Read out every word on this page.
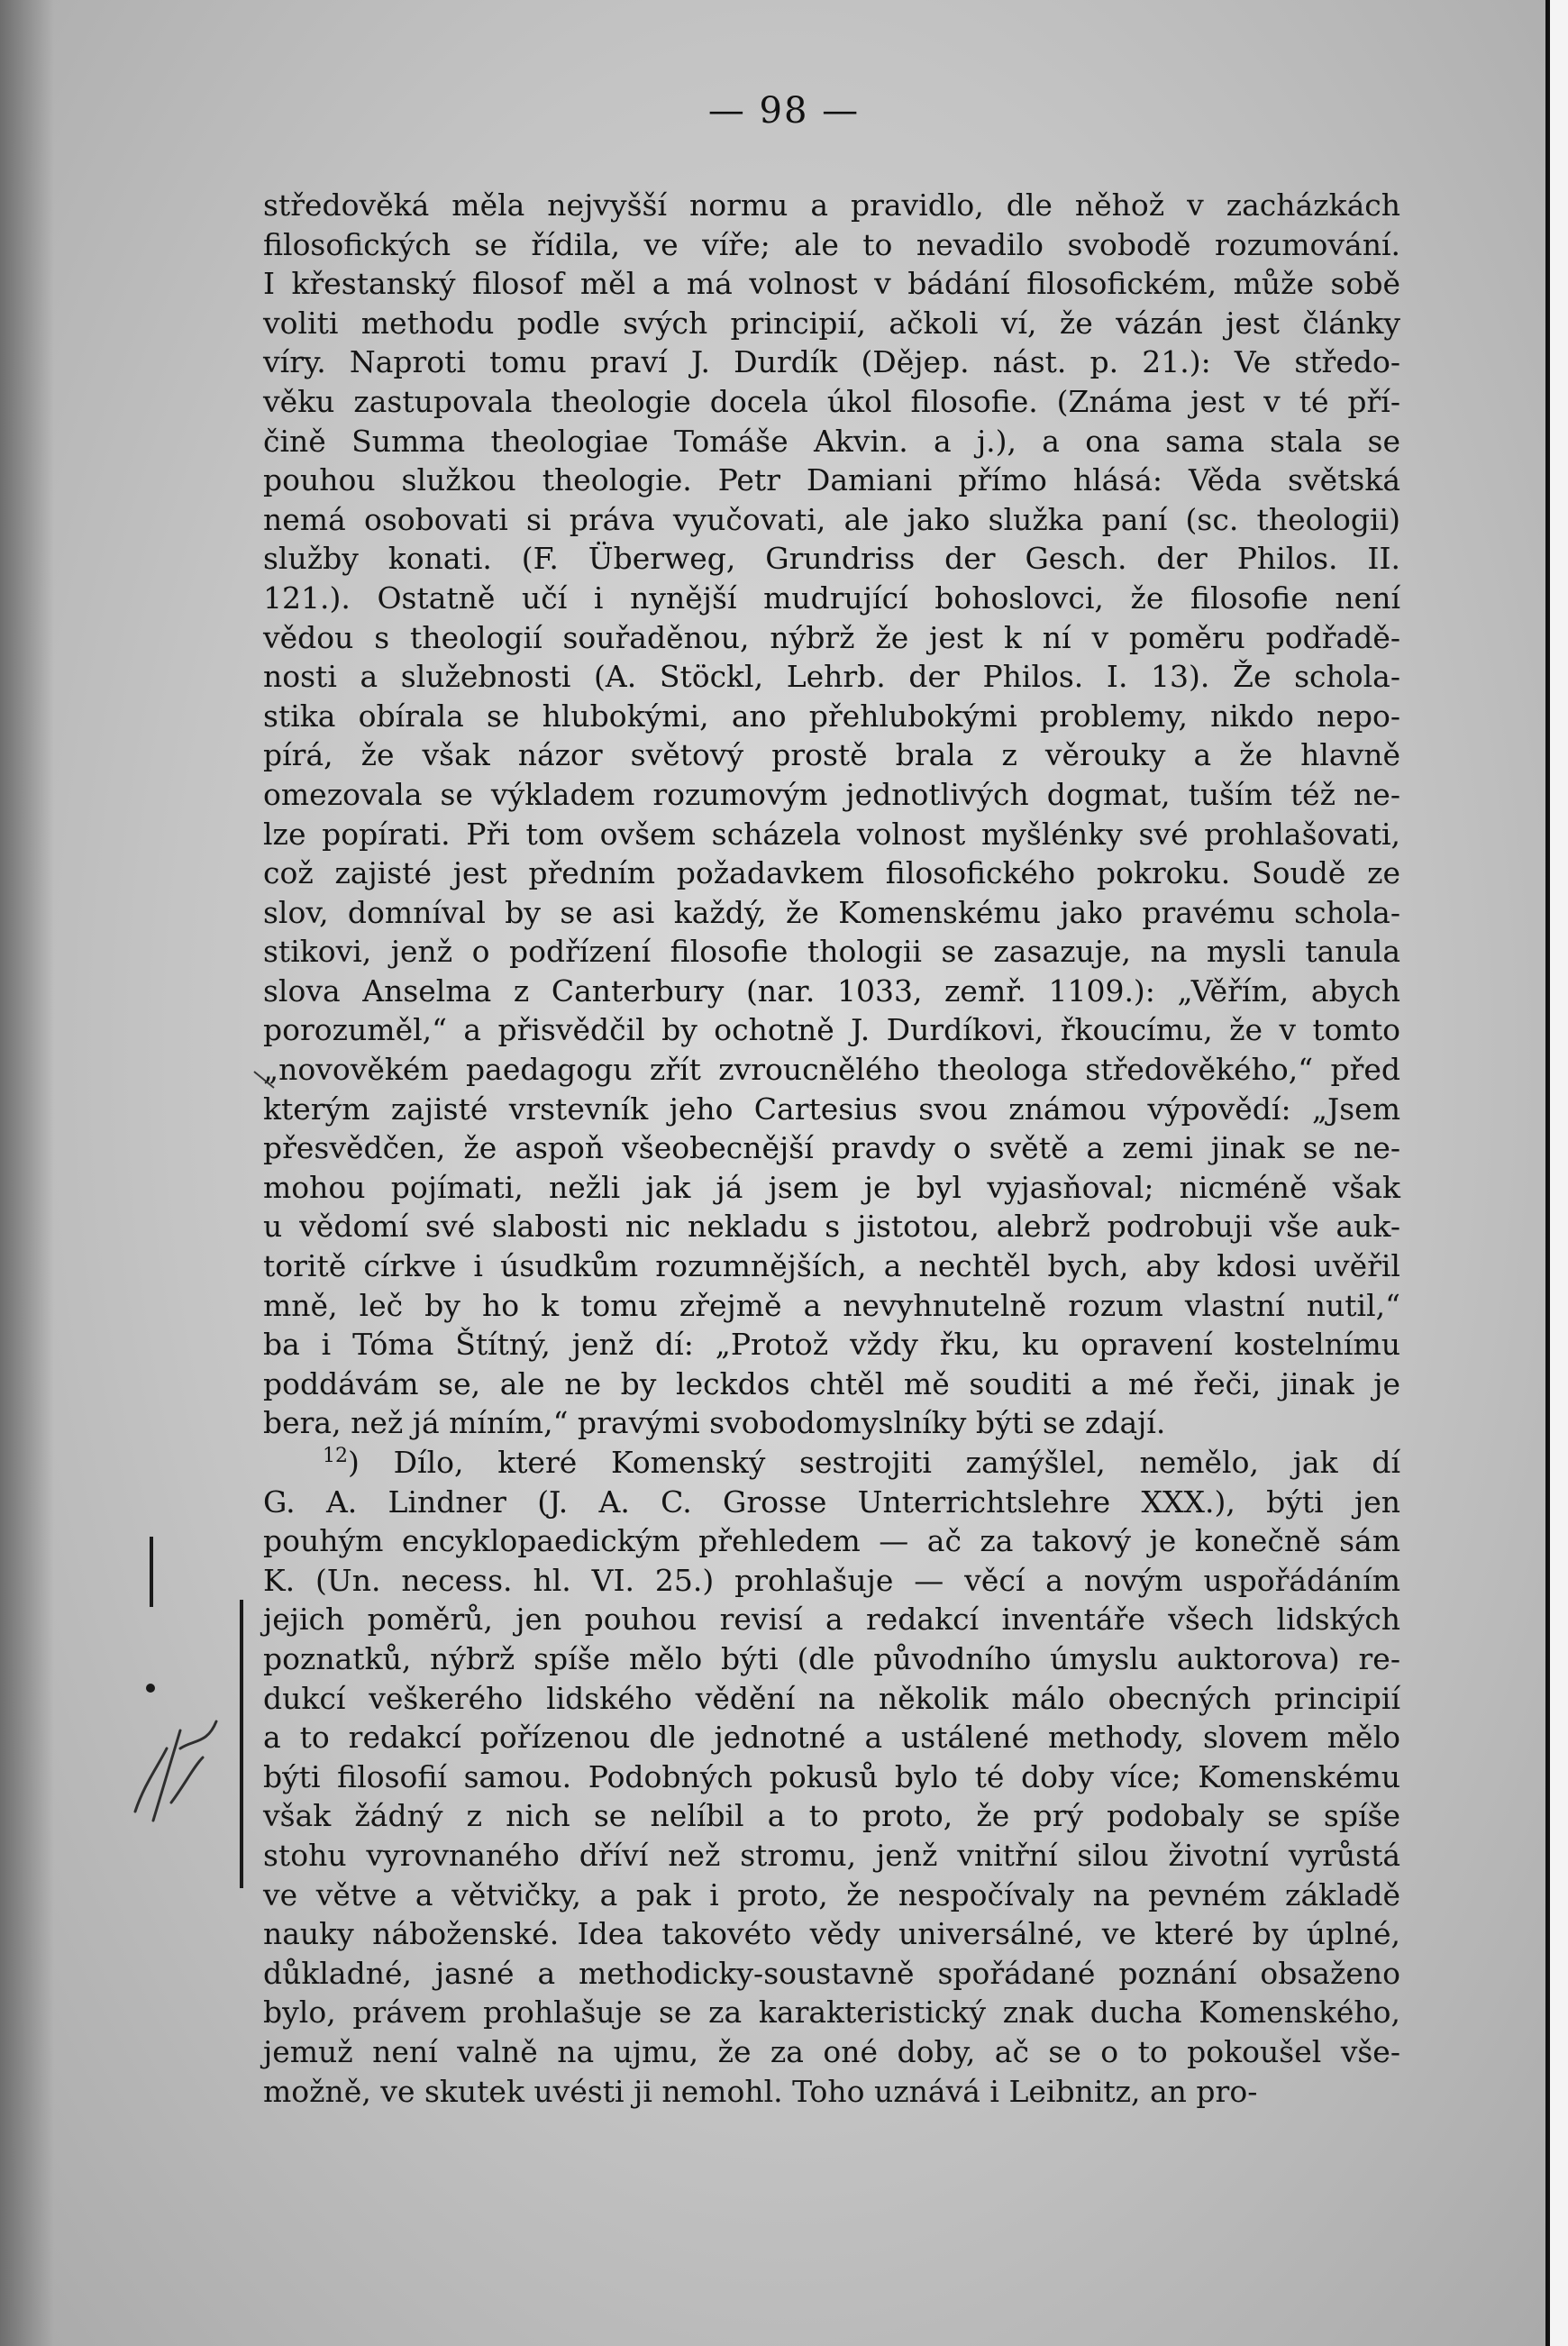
— 98 —
středověká měla nejvyšší normu a pravidlo, dle něhož v zacházkách
filosofických se řídila, ve víře; ale to nevadilo svobodě rozumování.
I křestanský filosof měl a má volnost v bádání filosofickém, může sobě
voliti methodu podle svých principií, ačkoli ví, že vázán jest články
víry. Naproti tomu praví J. Durdík (Dějep. nást. p. 21.): Ve středo-
věku zastupovala theologie docela úkol filosofie. (Známa jest v té pří-
čině Summa theologiae Tomáše Akvin. a j.), a ona sama stala se
pouhou služkou theologie. Petr Damiani přímo hlásá: Věda světská
nemá osobovati si práva vyučovati, ale jako služka paní (sc. theologii)
služby konati. (F. Überweg, Grundriss der Gesch. der Philos. II.
121.). Ostatně učí i nynější mudrující bohoslovci, že filosofie není
vědou s theologií souřaděnou, nýbrž že jest k ní v poměru podřadě-
nosti a služebnosti (A. Stöckl, Lehrb. der Philos. I. 13). Že schola-
stika obírala se hlubokými, ano přehlubokými problemy, nikdo nepo-
pírá, že však názor světový prostě brala z věrouky a že hlavně
omezovala se výkladem rozumovým jednotlivých dogmat, tuším též ne-
lze popírati. Při tom ovšem scházela volnost myšlénky své prohlašovati,
což zajisté jest předním požadavkem filosofického pokroku. Soudě ze
slov, domníval by se asi každý, že Komenskému jako pravému schola-
stikovi, jenž o podřízení filosofie thologii se zasazuje, na mysli tanula
slova Anselma z Canterbury (nar. 1033, zemř. 1109.): „Věřím, abych
porozuměl,“ a přisvědčil by ochotně J. Durdíkovi, řkoucímu, že v tomto
„novověkém paedagogu zřít zvroucnělého theologa středověkého,“ před
kterým zajisté vrstevník jeho Cartesius svou známou výpovědí: „Jsem
přesvědčen, že aspoň všeobecnější pravdy o světě a zemi jinak se ne-
mohou pojímati, nežli jak já jsem je byl vyjasňoval; nicméně však
u vědomí své slabosti nic nekladu s jistotou, alebrž podrobuji vše auk-
toritě církve i úsudkům rozumnějších, a nechtěl bych, aby kdosi uvěřil
mně, leč by ho k tomu zřejmě a nevyhnutelně rozum vlastní nutil,“
ba i Tóma Štítný, jenž dí: „Protož vždy řku, ku opravení kostelnímu
poddávám se, ale ne by leckdos chtěl mě souditi a mé řeči, jinak je
bera, než já míním,“ pravými svobodomyslníky býti se zdají.
$^{12}$) Dílo, které Komenský sestrojiti zamýšlel, nemělo, jak dí
G. A. Lindner (J. A. C. Grosse Unterrichtslehre XXX.), býti jen
pouhým encyklopaedickým přehledem — ač za takový je konečně sám
K. (Un. necess. hl. VI. 25.) prohlašuje — věcí a novým uspořádáním
jejich poměrů, jen pouhou revisí a redakcí inventáře všech lidských
poznatků, nýbrž spíše mělo býti (dle původního úmyslu auktorova) re-
dukcí veškerého lidského vědění na několik málo obecných principií
a to redakcí pořízenou dle jednotné a ustálené methody, slovem mělo
býti filosofií samou. Podobných pokusů bylo té doby více; Komenskému
však žádný z nich se nelíbil a to proto, že prý podobaly se spíše
stohu vyrovnaného dříví než stromu, jenž vnitřní silou životní vyrůstá
ve větve a větvičky, a pak i proto, že nespočívaly na pevném základě
nauky náboženské. Idea takovéto vědy universálné, ve které by úplné,
důkladné, jasné a methodicky-soustavně spořádané poznání obsaženo
bylo, právem prohlašuje se za karakteristický znak ducha Komenského,
jemuž není valně na ujmu, že za oné doby, ač se o to pokoušel vše-
možně, ve skutek uvésti ji nemohl. Toho uznává i Leibnitz, an pro-
